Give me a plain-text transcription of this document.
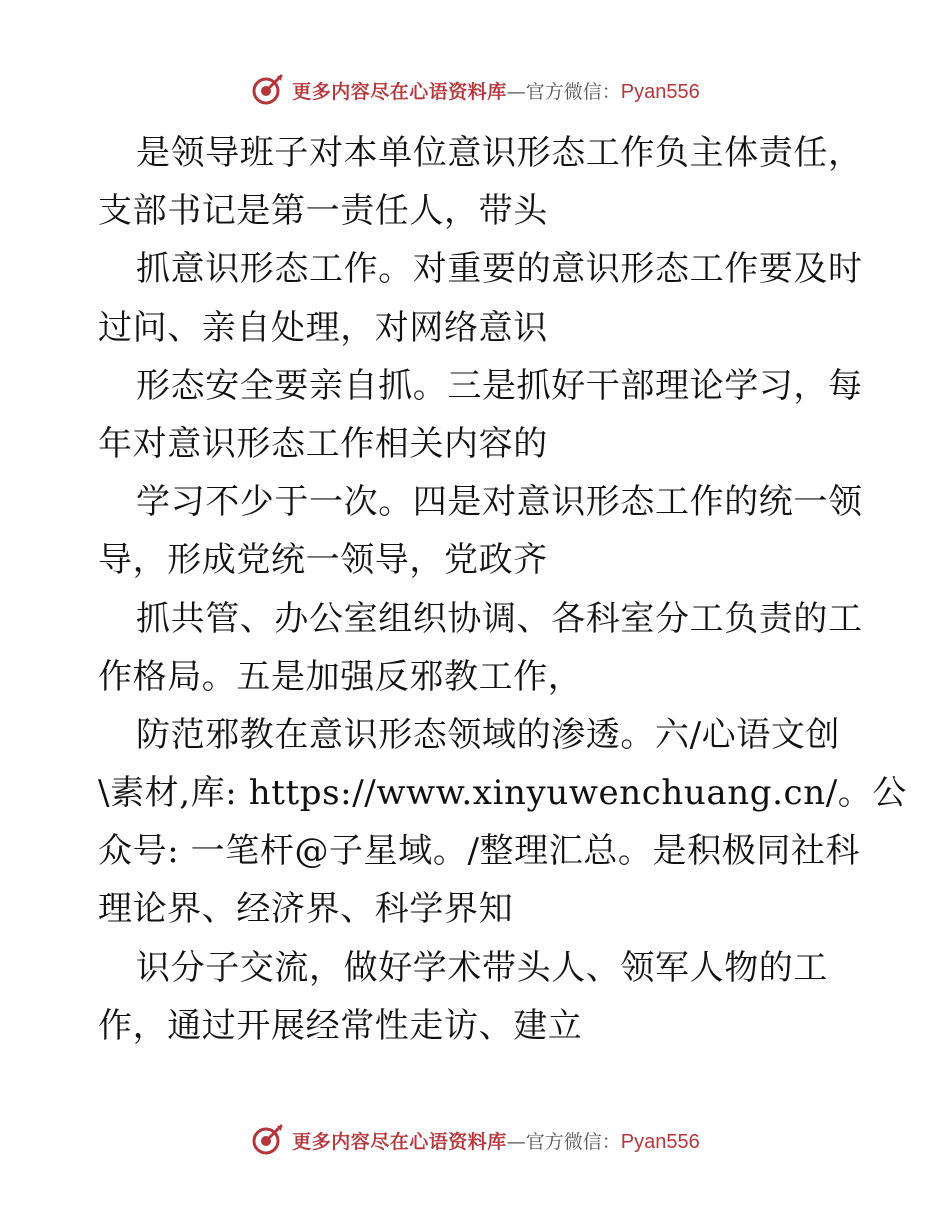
更多内容尽在心语资料库 — 官方微信： Pyan556
是领导班子对本单位意识形态工作负主体责任，
支部书记是第一责任人，带头
抓意识形态工作。对重要的意识形态工作要及时
过问、亲自处理，对网络意识
形态安全要亲自抓。三是抓好干部理论学习，每
年对意识形态工作相关内容的
学习不少于一次。四是对意识形态工作的统一领
导，形成党统一领导，党政齐
抓共管、办公室组织协调、各科室分工负责的工
作格局。五是加强反邪教工作，
防范邪教在意识形态领域的渗透。六/心语文创
\素材,库: https://www.xinyuwenchuang.cn/。公
众号: 一笔杆@子星域。/整理汇总。是积极同社科
理论界、经济界、科学界知
识分子交流，做好学术带头人、领军人物的工
作，通过开展经常性走访、建立
更多内容尽在心语资料库 — 官方微信： Pyan556
